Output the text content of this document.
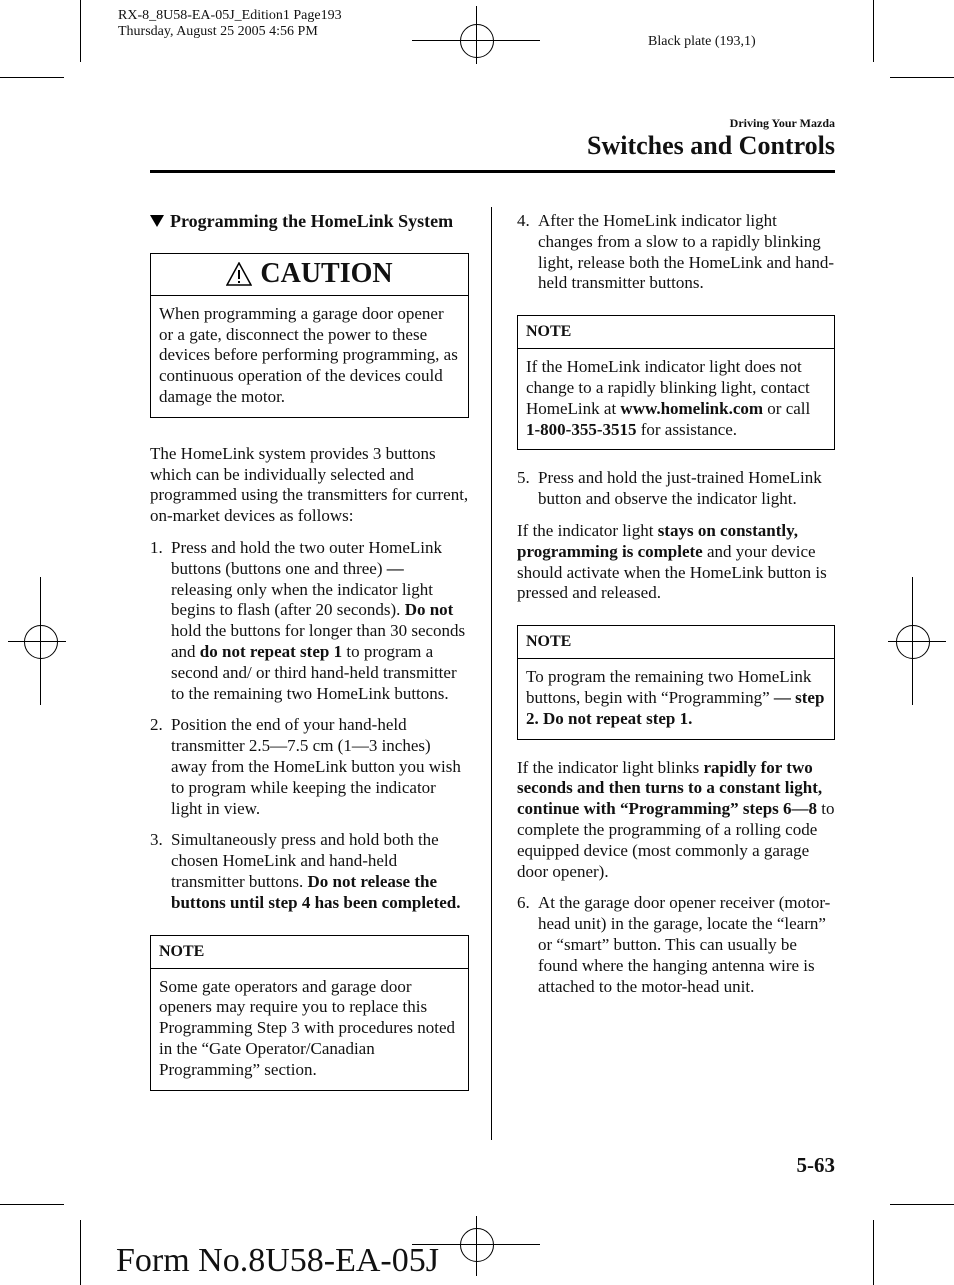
RX-8_8U58-EA-05J_Edition1 Page193
Thursday, August 25 2005 4:56 PM
Black plate (193,1)
Driving Your Mazda
Switches and Controls
Programming the HomeLink System
CAUTION
When programming a garage door opener or a gate, disconnect the power to these devices before performing programming, as continuous operation of the devices could damage the motor.

The HomeLink system provides 3 buttons which can be individually selected and programmed using the transmitters for current, on-market devices as follows:

1. Press and hold the two outer HomeLink buttons (buttons one and three) ― releasing only when the indicator light begins to flash (after 20 seconds). Do not hold the buttons for longer than 30 seconds and do not repeat step 1 to program a second and/ or third hand-held transmitter to the remaining two HomeLink buttons.
2. Position the end of your hand-held transmitter 2.5―7.5 cm (1―3 inches) away from the HomeLink button you wish to program while keeping the indicator light in view.
3. Simultaneously press and hold both the chosen HomeLink and hand-held transmitter buttons. Do not release the buttons until step 4 has been completed.
NOTE
Some gate operators and garage door openers may require you to replace this Programming Step 3 with procedures noted in the “Gate Operator/Canadian Programming” section.
4. After the HomeLink indicator light changes from a slow to a rapidly blinking light, release both the HomeLink and hand-held transmitter buttons.
NOTE
If the HomeLink indicator light does not change to a rapidly blinking light, contact HomeLink at www.homelink.com or call 1-800-355-3515 for assistance.
5. Press and hold the just-trained HomeLink button and observe the indicator light.

If the indicator light stays on constantly, programming is complete and your device should activate when the HomeLink button is pressed and released.

NOTE
To program the remaining two HomeLink buttons, begin with “Programming” ― step 2. Do not repeat step 1.

If the indicator light blinks rapidly for two seconds and then turns to a constant light, continue with “Programming” steps 6―8 to complete the programming of a rolling code equipped device (most commonly a garage door opener).

6. At the garage door opener receiver (motor-head unit) in the garage, locate the “learn” or “smart” button. This can usually be found where the hanging antenna wire is attached to the motor-head unit.
5-63
Form No.8U58-EA-05J
